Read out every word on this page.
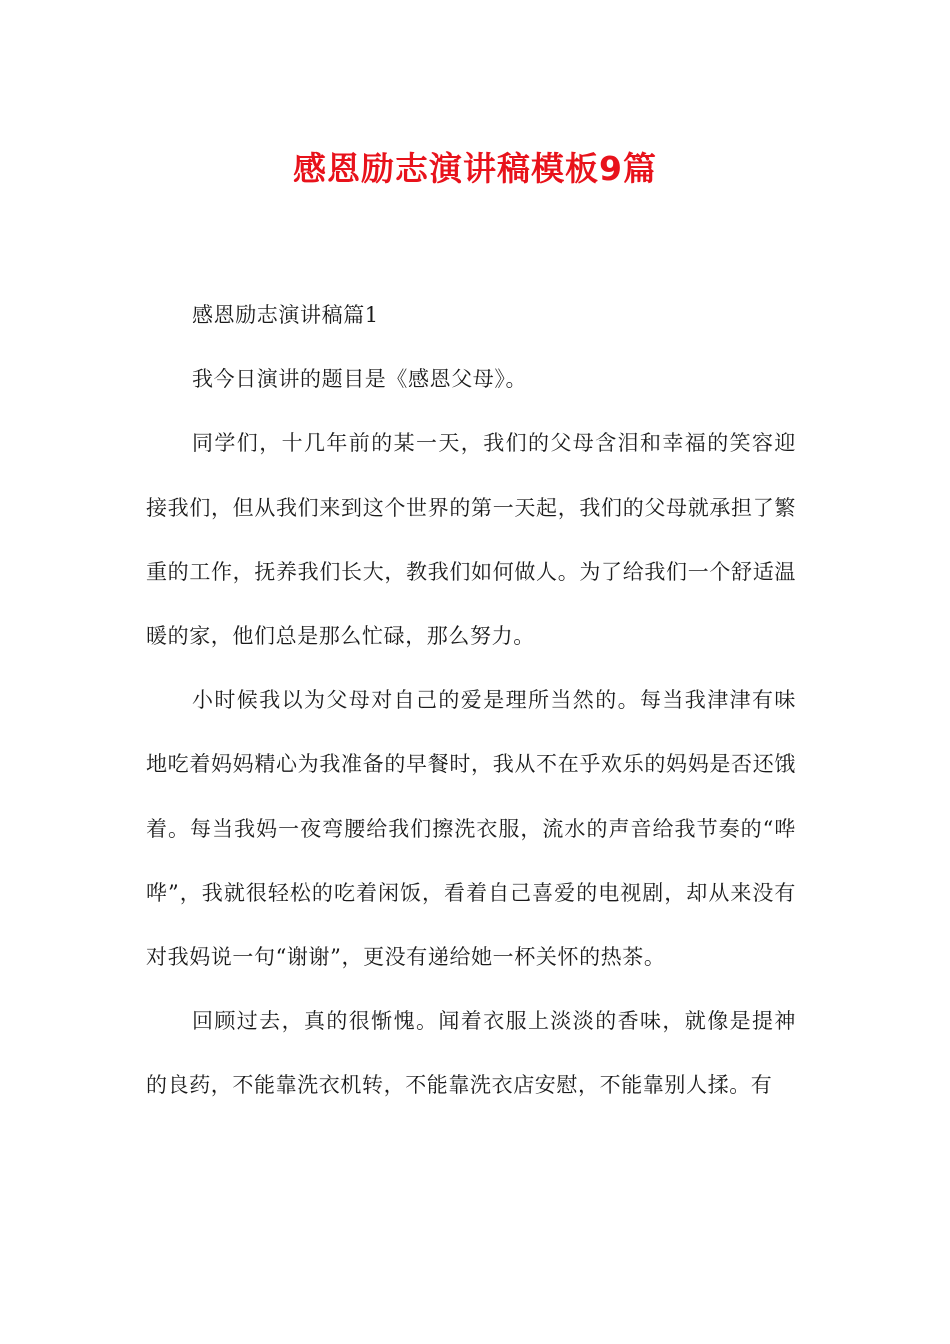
感恩励志演讲稿模板9篇

感恩励志演讲稿篇1

我今日演讲的题目是《感恩父母》。

同学们，十几年前的某一天，我们的父母含泪和幸福的笑容迎接我们，但从我们来到这个世界的第一天起，我们的父母就承担了繁重的工作，抚养我们长大，教我们如何做人。为了给我们一个舒适温暖的家，他们总是那么忙碌，那么努力。

小时候我以为父母对自己的爱是理所当然的。每当我津津有味地吃着妈妈精心为我准备的早餐时，我从不在乎欢乐的妈妈是否还饿着。每当我妈一夜弯腰给我们擦洗衣服，流水的声音给我节奏的“哗哗”，我就很轻松的吃着闲饭，看着自己喜爱的电视剧，却从来没有对我妈说一句“谢谢”，更没有递给她一杯关怀的热茶。

回顾过去，真的很惭愧。闻着衣服上淡淡的香味，就像是提神的良药，不能靠洗衣机转，不能靠洗衣店安慰，不能靠别人揉。有
